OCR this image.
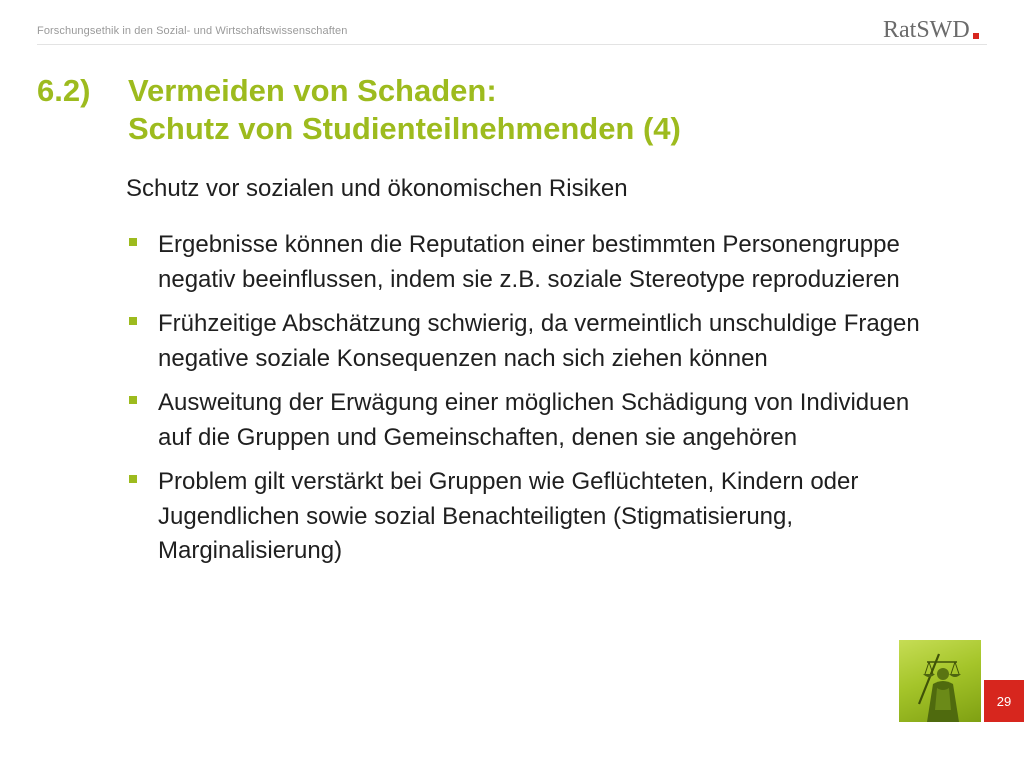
Forschungsethik in den Sozial- und Wirtschaftswissenschaften	RatSWD
6.2) Vermeiden von Schaden:
Schutz von Studienteilnehmenden (4)
Schutz vor sozialen und ökonomischen Risiken
Ergebnisse können die Reputation einer bestimmten Personengruppe negativ beeinflussen, indem sie z.B. soziale Stereotype reproduzieren
Frühzeitige Abschätzung schwierig, da vermeintlich unschuldige Fragen negative soziale Konsequenzen nach sich ziehen können
Ausweitung der Erwägung einer möglichen Schädigung von Individuen auf die Gruppen und Gemeinschaften, denen sie angehören
Problem gilt verstärkt bei Gruppen wie Geflüchteten, Kindern oder Jugendlichen sowie sozial Benachteiligten (Stigmatisierung, Marginalisierung)
29
